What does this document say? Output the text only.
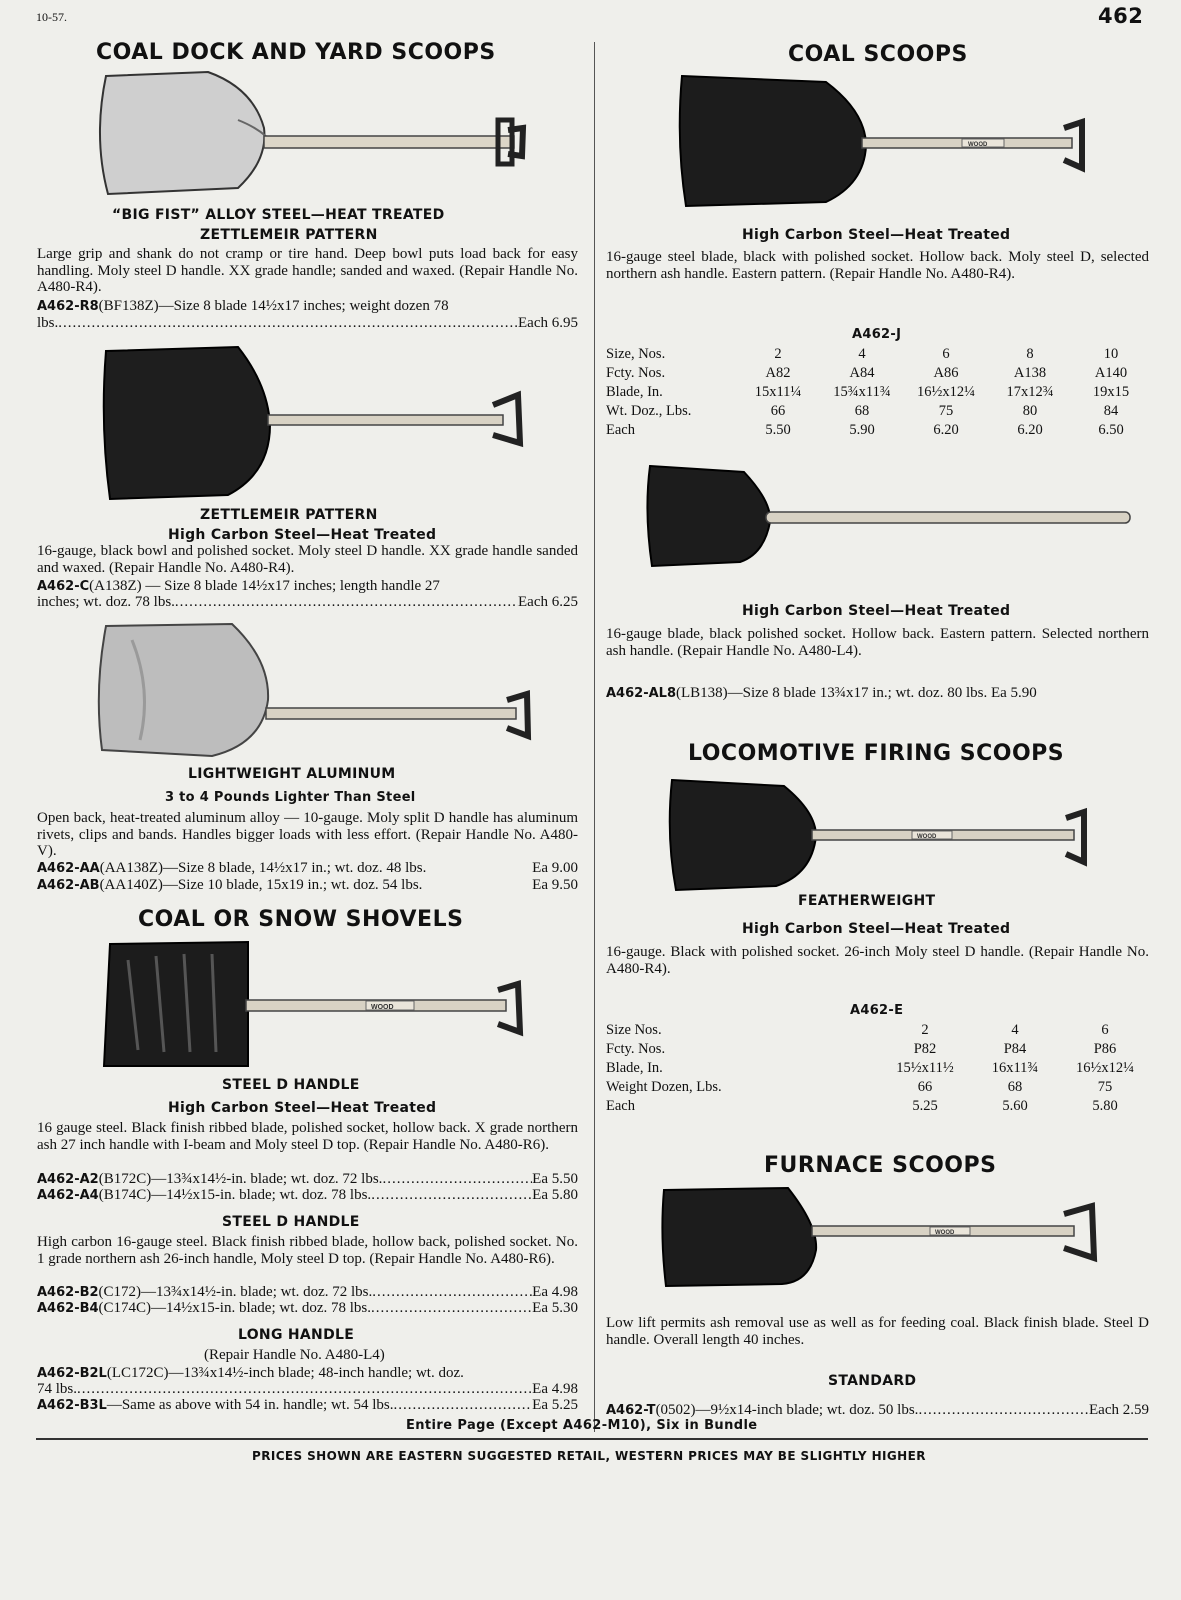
10-57.	462
COAL DOCK AND YARD SCOOPS
“BIG FIST” ALLOY STEEL—HEAT TREATED
ZETTLEMEIR PATTERN
Large grip and shank do not cramp or tire hand. Deep bowl puts load back for easy handling. Moly steel D handle. XX grade handle; sanded and waxed. (Repair Handle No. A480-R4).
A462-R8(BF138Z)—Size 8 blade 14½x17 inches; weight dozen 78
lbs. .....	Each 6.95
ZETTLEMEIR PATTERN
High Carbon Steel—Heat Treated
16-gauge, black bowl and polished socket. Moly steel D handle. XX grade handle sanded and waxed. (Repair Handle No. A480-R4).
A462-C(A138Z) — Size 8 blade 14½x17 inches; length handle 27
inches; wt. doz. 78 lbs. .....	Each 6.25
LIGHTWEIGHT ALUMINUM
3 to 4 Pounds Lighter Than Steel
Open back, heat-treated aluminum alloy — 10-gauge. Moly split D handle has aluminum rivets, clips and bands. Handles bigger loads with less effort. (Repair Handle No. A480-V).
A462-AA(AA138Z)—Size 8 blade, 14½x17 in.; wt. doz. 48 lbs.	Ea 9.00
A462-AB(AA140Z)—Size 10 blade, 15x19 in.; wt. doz. 54 lbs.	Ea 9.50
COAL OR SNOW SHOVELS
WOOD
STEEL D HANDLE
High Carbon Steel—Heat Treated
16 gauge steel. Black finish ribbed blade, polished socket, hollow back. X grade northern ash 27 inch handle with I-beam and Moly steel D top. (Repair Handle No. A480-R6).
A462-A2(B172C)—13¾x14½-in. blade; wt. doz. 72 lbs. .....	Ea 5.50
A462-A4(B174C)—14½x15-in. blade; wt. doz. 78 lbs. .....	Ea 5.80
STEEL D HANDLE
High carbon 16-gauge steel. Black finish ribbed blade, hollow back, polished socket. No. 1 grade northern ash 26-inch handle, Moly steel D top. (Repair Handle No. A480-R6).
A462-B2(C172)—13¾x14½-in. blade; wt. doz. 72 lbs. .....	Ea 4.98
A462-B4(C174C)—14½x15-in. blade; wt. doz. 78 lbs. .....	Ea 5.30
LONG HANDLE
(Repair Handle No. A480-L4)
A462-B2L(LC172C)—13¾x14½-inch blade; 48-inch handle; wt. doz.
74 lbs. .....	Ea 4.98
A462-B3L—Same as above with 54 in. handle; wt. 54 lbs. .....	Ea 5.25
COAL SCOOPS
WOOD
High Carbon Steel—Heat Treated
16-gauge steel blade, black with polished socket. Hollow back. Moly steel D, selected northern ash handle. Eastern pattern. (Repair Handle No. A480-R4).
A462-J
Size, Nos.	2	4	6	8	10
Fcty. Nos.	A82	A84	A86	A138	A140
Blade, In.	15x11¼	15¾x11¾	16½x12¼	17x12¾	19x15
Wt. Doz., Lbs.	66	68	75	80	84
Each	5.50	5.90	6.20	6.20	6.50
High Carbon Steel—Heat Treated
16-gauge blade, black polished socket. Hollow back. Eastern pattern. Selected northern ash handle. (Repair Handle No. A480-L4).
A462-AL8(LB138)—Size 8 blade 13¾x17 in.; wt. doz. 80 lbs. Ea 5.90
LOCOMOTIVE FIRING SCOOPS
WOOD
FEATHERWEIGHT
High Carbon Steel—Heat Treated
16-gauge. Black with polished socket. 26-inch Moly steel D handle. (Repair Handle No. A480-R4).
A462-E
Size Nos.	2	4	6
Fcty. Nos.	P82	P84	P86
Blade, In.	15½x11½	16x11¾	16½x12¼
Weight Dozen, Lbs.	66	68	75
Each	5.25	5.60	5.80
FURNACE SCOOPS
WOOD
Low lift permits ash removal use as well as for feeding coal. Black finish blade. Steel D handle. Overall length 40 inches.
STANDARD
A462-T(0502)—9½x14-inch blade; wt. doz. 50 lbs. .....	Each 2.59
Entire Page (Except A462-M10), Six in Bundle
PRICES SHOWN ARE EASTERN SUGGESTED RETAIL, WESTERN PRICES MAY BE SLIGHTLY HIGHER
